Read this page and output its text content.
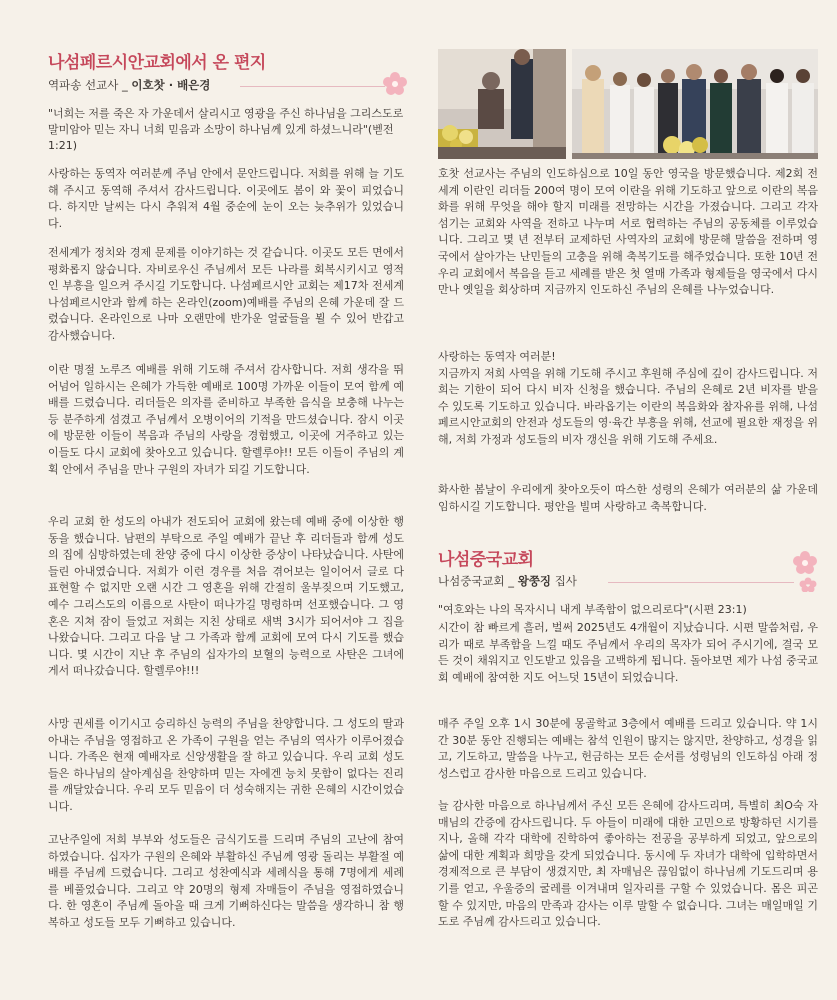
나섬페르시안교회에서 온 편지
역파송 선교사 _ 이호찻 · 배은경

"너희는 저를 죽은 자 가운데서 살리시고 영광을 주신 하나님을 그리스도로 말미암아 믿는 자니 너희 믿음과 소망이 하나님께 있게 하셨느니라"(벧전 1:21)

사랑하는 동역자 여러분께 주님 안에서 문안드립니다. 저희를 위해 늘 기도해 주시고 동역해 주셔서 감사드립니다. 이곳에도 봄이 와 꽃이 피었습니다. 하지만 날씨는 다시 추워져 4월 중순에 눈이 오는 늦추위가 있었습니다.

전세계가 정치와 경제 문제를 이야기하는 것 같습니다. 이곳도 모든 면에서 평화롭지 않습니다. 자비로우신 주님께서 모든 나라를 회복시키시고 영적인 부흥을 일으켜 주시길 기도합니다. 나섬페르시안 교회는 제17차 전세계 나섬페르시안과 함께 하는 온라인(zoom)예배를 주님의 은혜 가운데 잘 드렸습니다. 온라인으로 나마 오랜만에 반가운 얼굴들을 뵐 수 있어 반갑고 감사했습니다.

이란 명절 노루즈 예배를 위해 기도해 주셔서 감사합니다. 저희 생각을 뛰어넘어 일하시는 은혜가 가득한 예배로 100명 가까운 이들이 모여 함께 예배를 드렸습니다. 리더들은 의자를 준비하고 부족한 음식을 보충해 나누는 등 분주하게 섬겼고 주님께서 오병이어의 기적을 만드셨습니다. 잠시 이곳에 방문한 이들이 복음과 주님의 사랑을 경험했고, 이곳에 거주하고 있는 이들도 다시 교회에 찾아오고 있습니다. 할렐루야!! 모든 이들이 주님의 계획 안에서 주님을 만나 구원의 자녀가 되길 기도합니다.

우리 교회 한 성도의 아내가 전도되어 교회에 왔는데 예배 중에 이상한 행동을 했습니다. 남편의 부탁으로 주일 예배가 끝난 후 리더들과 함께 성도의 집에 심방하였는데 찬양 중에 다시 이상한 증상이 나타났습니다. 사탄에 들린 아내였습니다. 저희가 이런 경우를 처음 겪어보는 일이어서 글로 다 표현할 수 없지만 오랜 시간 그 영혼을 위해 간절히 울부짖으며 기도했고, 예수 그리스도의 이름으로 사탄이 떠나가길 명령하며 선포했습니다. 그 영혼은 지쳐 잠이 들었고 저희는 지친 상태로 새벽 3시가 되어서야 그 집을 나왔습니다. 그리고 다음 날 그 가족과 함께 교회에 모여 다시 기도를 했습니다. 몇 시간이 지난 후 주님의 십자가의 보혈의 능력으로 사탄은 그녀에게서 떠나갔습니다. 할렐루야!!!

사망 권세를 이기시고 승리하신 능력의 주님을 찬양합니다. 그 성도의 딸과 아내는 주님을 영접하고 온 가족이 구원을 얻는 주님의 역사가 이루어졌습니다. 가족은 현재 예배자로 신앙생활을 잘 하고 있습니다. 우리 교회 성도들은 하나님의 살아계심을 찬양하며 믿는 자에겐 능치 못함이 없다는 진리를 깨달았습니다. 우리 모두 믿음이 더 성숙해지는 귀한 은혜의 시간이었습니다.

고난주일에 저희 부부와 성도들은 금식기도를 드리며 주님의 고난에 참여하였습니다. 십자가 구원의 은혜와 부활하신 주님께 영광 돌리는 부활절 예배를 주님께 드렸습니다. 그리고 성찬예식과 세례식을 통해 7명에게 세례를 베풀었습니다. 그리고 약 20명의 형제 자매들이 주님을 영접하였습니다. 한 영혼이 주님께 돌아올 때 크게 기뻐하신다는 말씀을 생각하니 참 행복하고 성도들 모두 기뻐하고 있습니다.

호찻 선교사는 주님의 인도하심으로 10일 동안 영국을 방문했습니다. 제2회 전 세계 이란인 리더들 200여 명이 모여 이란을 위해 기도하고 앞으로 이란의 복음화를 위해 무엇을 해야 할지 미래를 전망하는 시간을 가졌습니다. 그리고 각자 섬기는 교회와 사역을 전하고 나누며 서로 협력하는 주님의 공동체를 이루었습니다. 그리고 몇 년 전부터 교제하던 사역자의 교회에 방문해 말씀을 전하며 영국에서 살아가는 난민들의 고충을 위해 축복기도를 해주었습니다. 또한 10년 전 우리 교회에서 복음을 듣고 세례를 받은 첫 열매 가족과 형제들을 영국에서 다시 만나 옛일을 회상하며 지금까지 인도하신 주님의 은혜를 나누었습니다.

사랑하는 동역자 여러분!
지금까지 저희 사역을 위해 기도해 주시고 후원해 주심에 깊이 감사드립니다. 저희는 기한이 되어 다시 비자 신청을 했습니다. 주님의 은혜로 2년 비자를 받을 수 있도록 기도하고 있습니다. 바라옵기는 이란의 복음화와 참자유를 위해, 나섬페르시안교회의 안전과 성도들의 영·육간 부흥을 위해, 선교에 필요한 재정을 위해, 저희 가정과 성도들의 비자 갱신을 위해 기도해 주세요.

화사한 봄날이 우리에게 찾아오듯이 따스한 성령의 은혜가 여러분의 삶 가운데 임하시길 기도합니다. 평안을 빌며 사랑하고 축복합니다.

나섬중국교회
나섬중국교회 _ 왕쭝징 집사

"여호와는 나의 목자시니 내게 부족함이 없으리로다"(시편 23:1)

시간이 참 빠르게 흘러, 벌써 2025년도 4개월이 지났습니다. 시편 말씀처럼, 우리가 때로 부족함을 느낄 때도 주님께서 우리의 목자가 되어 주시기에, 결국 모든 것이 채워지고 인도받고 있음을 고백하게 됩니다. 돌아보면 제가 나섬 중국교회 예배에 참여한 지도 어느덧 15년이 되었습니다.

매주 주일 오후 1시 30분에 몽골학교 3층에서 예배를 드리고 있습니다. 약 1시간 30분 동안 진행되는 예배는 참석 인원이 많지는 않지만, 찬양하고, 성경을 읽고, 기도하고, 말씀을 나누고, 헌금하는 모든 순서를 성령님의 인도하심 아래 정성스럽고 감사한 마음으로 드리고 있습니다.

늘 감사한 마음으로 하나님께서 주신 모든 은혜에 감사드리며, 특별히 최O숙 자매님의 간증에 감사드립니다. 두 아들이 미래에 대한 고민으로 방황하던 시기를 지나, 올해 각각 대학에 진학하여 좋아하는 전공을 공부하게 되었고, 앞으로의 삶에 대한 계획과 희망을 갖게 되었습니다. 동시에 두 자녀가 대학에 입학하면서 경제적으로 큰 부담이 생겼지만, 최 자매님은 끊임없이 하나님께 기도드리며 용기를 얻고, 우울증의 굴레를 이겨내며 일자리를 구할 수 있었습니다. 몸은 피곤할 수 있지만, 마음의 만족과 감사는 이루 말할 수 없습니다. 그녀는 매일매일 기도로 주님께 감사드리고 있습니다.
